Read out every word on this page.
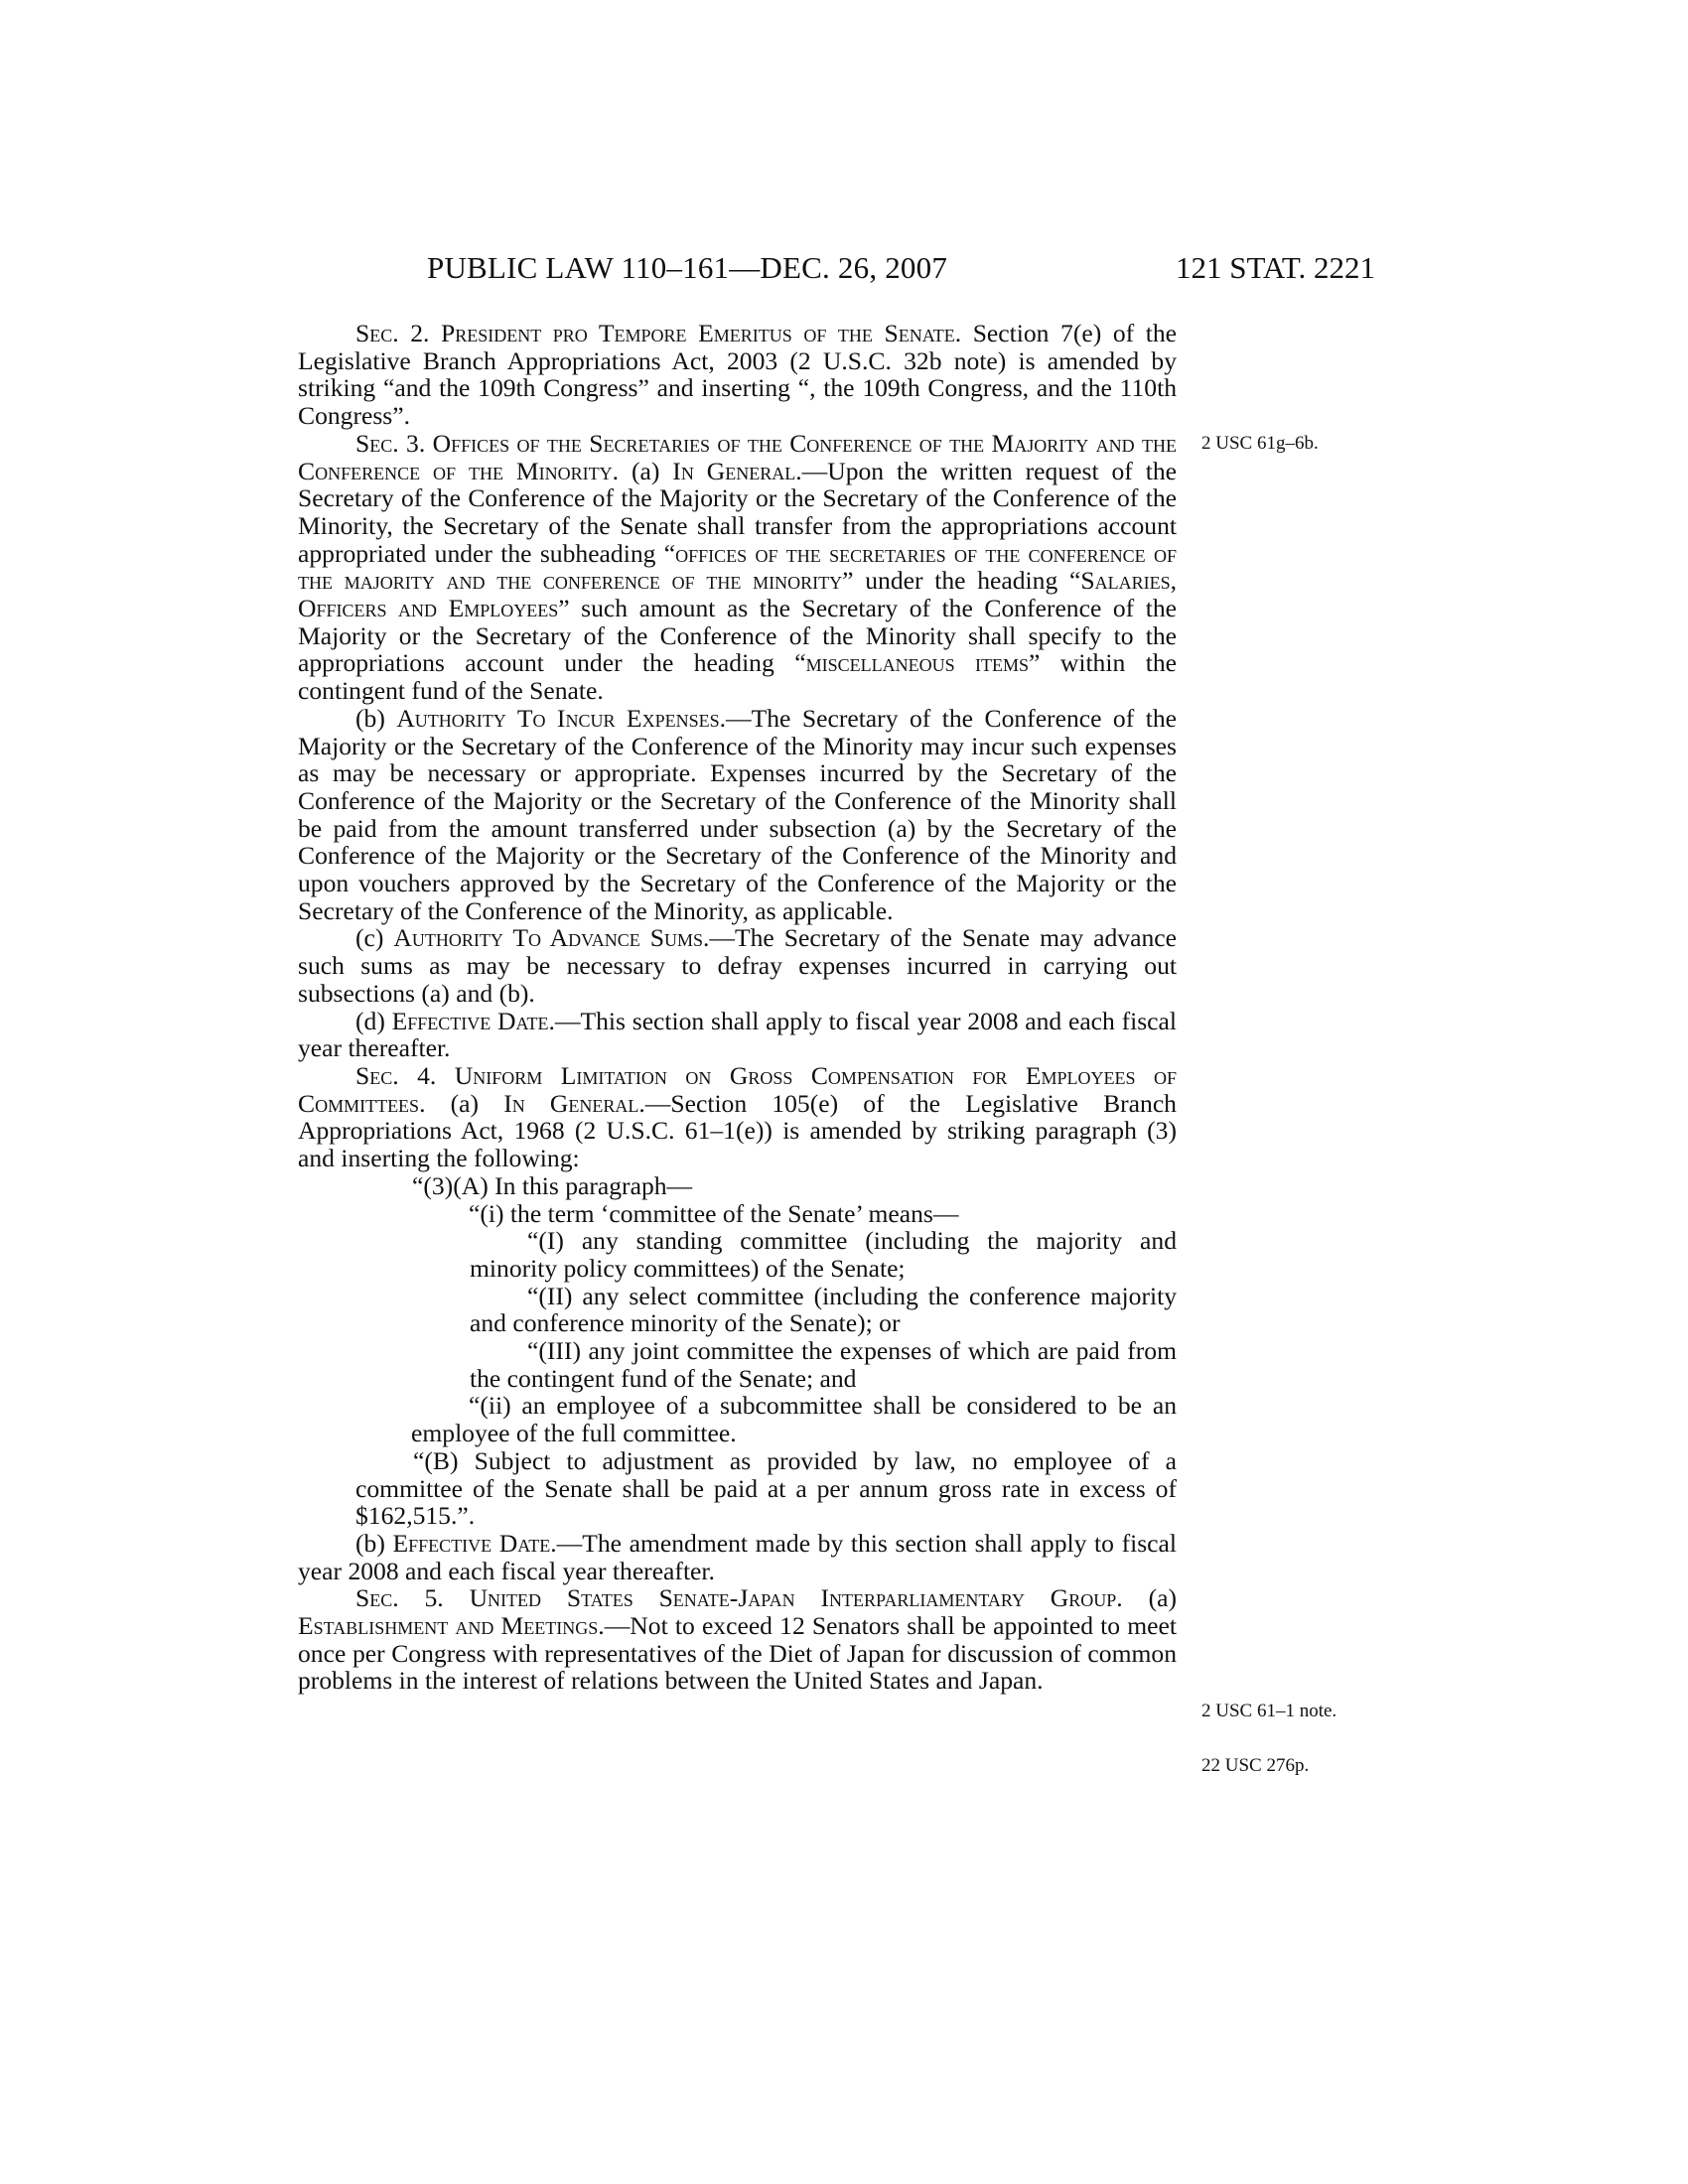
PUBLIC LAW 110–161—DEC. 26, 2007	121 STAT. 2221

Sec. 2. President pro Tempore Emeritus of the Senate. Section 7(e) of the Legislative Branch Appropriations Act, 2003 (2 U.S.C. 32b note) is amended by striking “and the 109th Congress” and inserting “, the 109th Congress, and the 110th Congress”.

Sec. 3. Offices of the Secretaries of the Conference of the Majority and the Conference of the Minority. (a) In General.—Upon the written request of the Secretary of the Conference of the Majority or the Secretary of the Conference of the Minority, the Secretary of the Senate shall transfer from the appropriations account appropriated under the subheading “offices of the secretaries of the conference of the majority and the conference of the minority” under the heading “Salaries, Officers and Employees” such amount as the Secretary of the Conference of the Majority or the Secretary of the Conference of the Minority shall specify to the appropriations account under the heading “miscellaneous items” within the contingent fund of the Senate.

(b) Authority To Incur Expenses.—The Secretary of the Conference of the Majority or the Secretary of the Conference of the Minority may incur such expenses as may be necessary or appropriate. Expenses incurred by the Secretary of the Conference of the Majority or the Secretary of the Conference of the Minority shall be paid from the amount transferred under subsection (a) by the Secretary of the Conference of the Majority or the Secretary of the Conference of the Minority and upon vouchers approved by the Secretary of the Conference of the Majority or the Secretary of the Conference of the Minority, as applicable.

(c) Authority To Advance Sums.—The Secretary of the Senate may advance such sums as may be necessary to defray expenses incurred in carrying out subsections (a) and (b).

(d) Effective Date.—This section shall apply to fiscal year 2008 and each fiscal year thereafter.

Sec. 4. Uniform Limitation on Gross Compensation for Employees of Committees. (a) In General.—Section 105(e) of the Legislative Branch Appropriations Act, 1968 (2 U.S.C. 61–1(e)) is amended by striking paragraph (3) and inserting the following:

“(3)(A) In this paragraph—

“(i) the term ‘committee of the Senate’ means—

“(I) any standing committee (including the majority and minority policy committees) of the Senate;

“(II) any select committee (including the conference majority and conference minority of the Senate); or

“(III) any joint committee the expenses of which are paid from the contingent fund of the Senate; and

“(ii) an employee of a subcommittee shall be considered to be an employee of the full committee.

“(B) Subject to adjustment as provided by law, no employee of a committee of the Senate shall be paid at a per annum gross rate in excess of $162,515.”.

(b) Effective Date.—The amendment made by this section shall apply to fiscal year 2008 and each fiscal year thereafter.

Sec. 5. United States Senate-Japan Interparliamentary Group. (a) Establishment and Meetings.—Not to exceed 12 Senators shall be appointed to meet once per Congress with representatives of the Diet of Japan for discussion of common problems in the interest of relations between the United States and Japan.

2 USC 61g–6b.
2 USC 61–1 note.
22 USC 276p.
